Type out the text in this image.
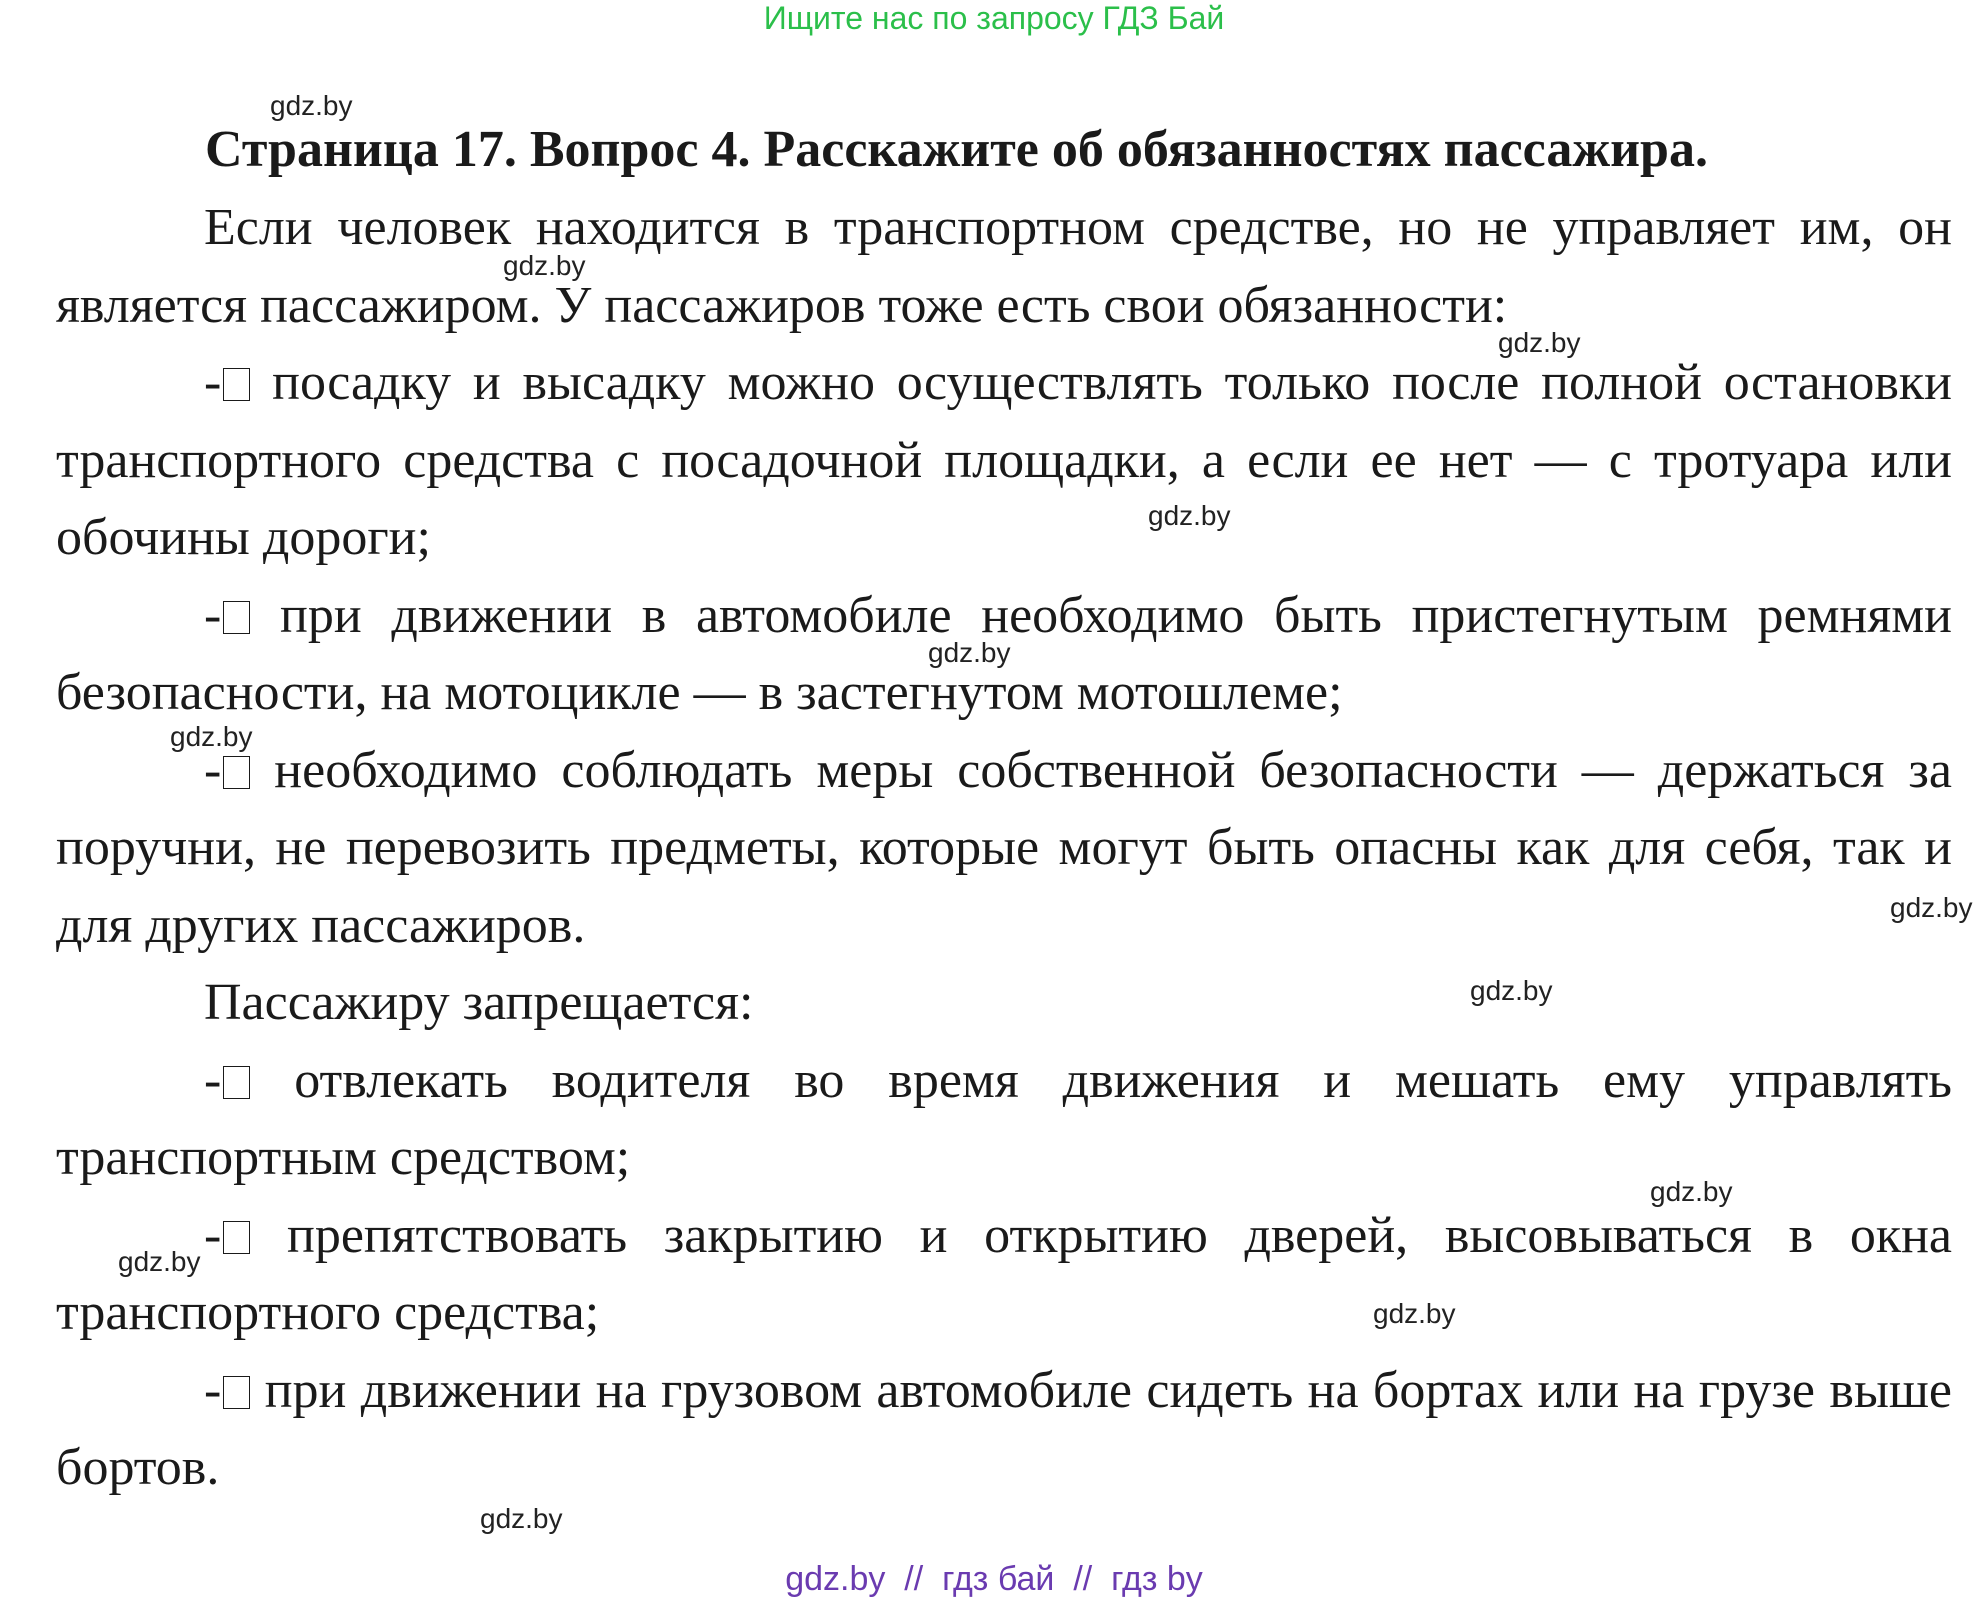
Ищите нас по запросу ГДЗ Бай
Страница 17. Вопрос 4. Расскажите об обязанностях пассажира.

Если человек находится в транспортном средстве, но не управляет им, он является пассажиром. У пассажиров тоже есть свои обязанности:

- посадку и высадку можно осуществлять только после полной остановки транспортного средства с посадочной площадки, а если ее нет — с тротуара или обочины дороги;

- при движении в автомобиле необходимо быть пристегнутым ремнями безопасности, на мотоцикле — в застегнутом мотошлеме;

- необходимо соблюдать меры собственной безопасности — держаться за поручни, не перевозить предметы, которые могут быть опасны как для себя, так и для других пассажиров.

Пассажиру запрещается:

- отвлекать водителя во время движения и мешать ему управлять транспортным средством;

- препятствовать закрытию и открытию дверей, высовываться в окна транспортного средства;

- при движении на грузовом автомобиле сидеть на бортах или на грузе выше бортов.

gdz.by
gdz.by
gdz.by
gdz.by
gdz.by
gdz.by
gdz.by
gdz.by
gdz.by
gdz.by
gdz.by
gdz.by
gdz.by  //  гдз бай  //  гдз by
